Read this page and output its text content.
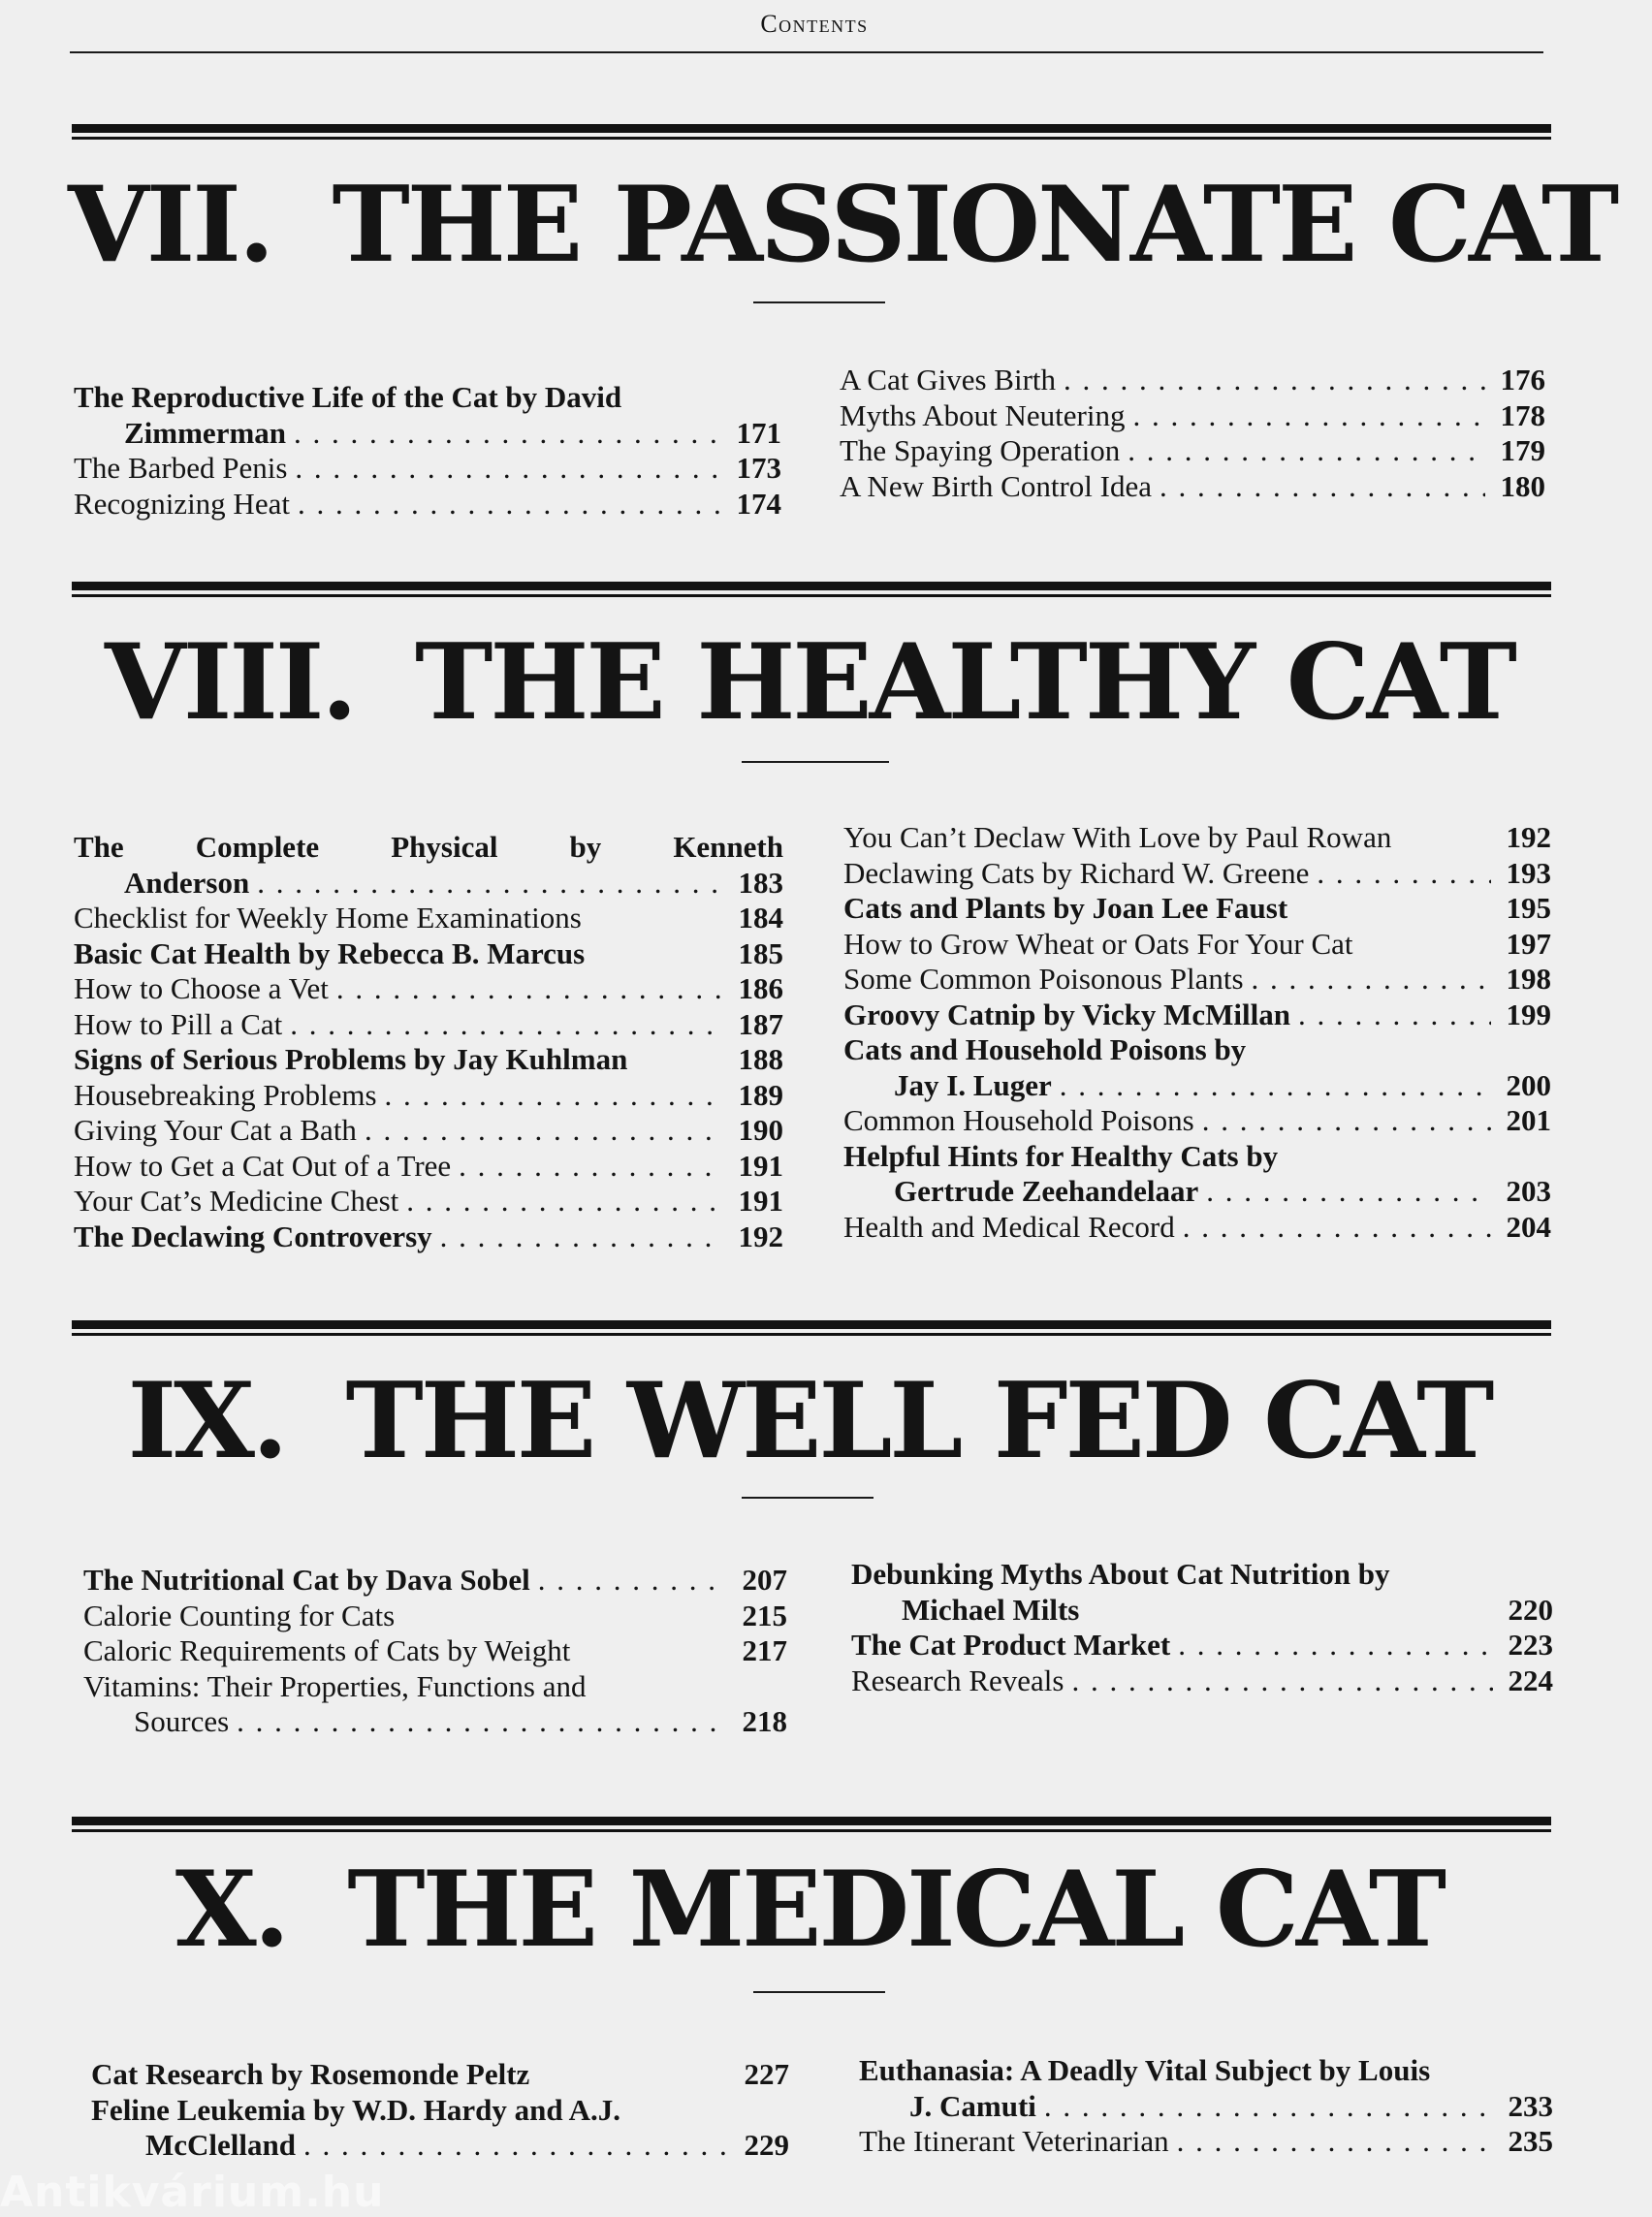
Contents
VII. THE PASSIONATE CAT
The Reproductive Life of the Cat by David
Zimmerman . . .	171
The Barbed Penis . . .	173
Recognizing Heat . . .	174
A Cat Gives Birth . . .	176
Myths About Neutering . . .	178
The Spaying Operation . . .	179
A New Birth Control Idea . . .	180
VIII. THE HEALTHY CAT
The Complete Physical by Kenneth
Anderson . . .	183
Checklist for Weekly Home Examinations	184
Basic Cat Health by Rebecca B. Marcus	185
How to Choose a Vet . . .	186
How to Pill a Cat . . .	187
Signs of Serious Problems by Jay Kuhlman	188
Housebreaking Problems . . .	189
Giving Your Cat a Bath . . .	190
How to Get a Cat Out of a Tree . . .	191
Your Cat’s Medicine Chest . . .	191
The Declawing Controversy . . .	192
You Can’t Declaw With Love by Paul Rowan	192
Declawing Cats by Richard W. Greene . . .	193
Cats and Plants by Joan Lee Faust	195
How to Grow Wheat or Oats For Your Cat	197
Some Common Poisonous Plants . . .	198
Groovy Catnip by Vicky McMillan . . .	199
Cats and Household Poisons by
Jay I. Luger . . .	200
Common Household Poisons . . .	201
Helpful Hints for Healthy Cats by
Gertrude Zeehandelaar . . .	203
Health and Medical Record . . .	204
IX. THE WELL FED CAT
The Nutritional Cat by Dava Sobel . . .	207
Calorie Counting for Cats	215
Caloric Requirements of Cats by Weight	217
Vitamins: Their Properties, Functions and
Sources . . .	218
Debunking Myths About Cat Nutrition by
Michael Milts	220
The Cat Product Market . . .	223
Research Reveals . . .	224
X. THE MEDICAL CAT
Cat Research by Rosemonde Peltz	227
Feline Leukemia by W.D. Hardy and A.J.
McClelland . . .	229
Euthanasia: A Deadly Vital Subject by Louis
J. Camuti . . .	233
The Itinerant Veterinarian . . .	235
Antikvárium.hu
